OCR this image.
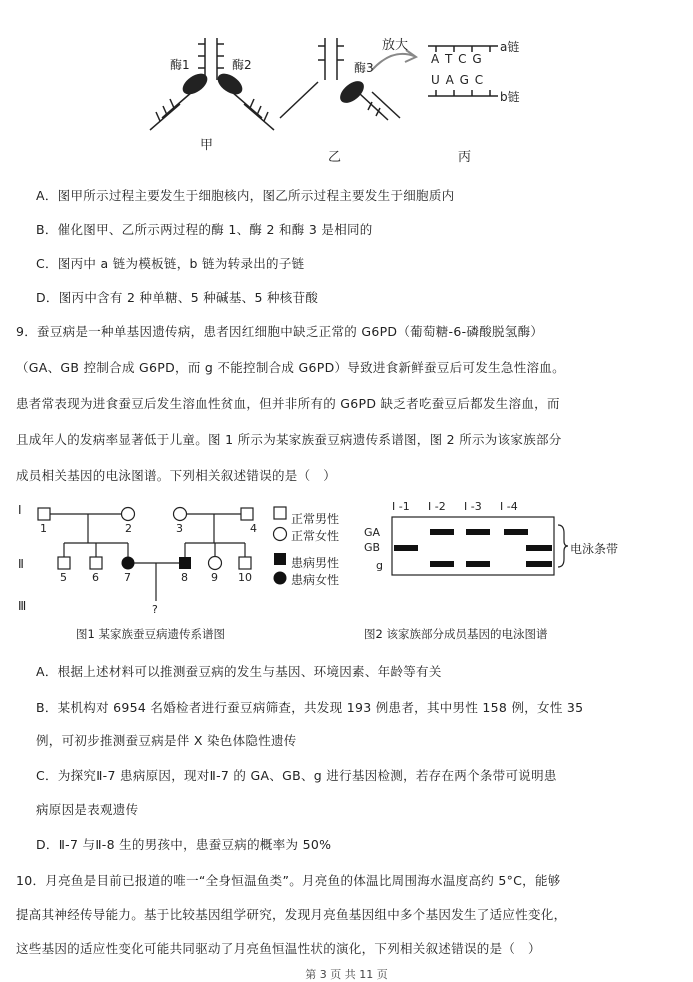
酶1	酶2	酶3
放大
A T C G
U A G C
a链
b链
甲
乙	丙
A．图甲所示过程主要发生于细胞核内，图乙所示过程主要发生于细胞质内
B．催化图甲、乙所示两过程的酶 1、酶 2 和酶 3 是相同的
C．图丙中 a 链为模板链，b 链为转录出的子链
D．图丙中含有 2 种单糖、5 种碱基、5 种核苷酸
9．蚕豆病是一种单基因遗传病，患者因红细胞中缺乏正常的 G6PD（葡萄糖-6-磷酸脱氢酶）
（GA、GB 控制合成 G6PD，而 g 不能控制合成 G6PD）导致进食新鲜蚕豆后可发生急性溶血。
患者常表现为进食蚕豆后发生溶血性贫血，但并非所有的 G6PD 缺乏者吃蚕豆后都发生溶血，而
且成年人的发病率显著低于儿童。图 1 所示为某家族蚕豆病遗传系谱图，图 2 所示为该家族部分
成员相关基因的电泳图谱。下列相关叙述错误的是（　）
I
Ⅱ
Ⅲ
1	2	3	4
5 6 7	8 9 10
?
正常男性
正常女性
患病男性
患病女性
图1 某家族蚕豆病遗传系谱图
I -1 I -2 I -3 I -4
GA
GB
g
电泳条带
图2 该家族部分成员基因的电泳图谱
A．根据上述材料可以推测蚕豆病的发生与基因、环境因素、年龄等有关
B．某机构对 6954 名婚检者进行蚕豆病筛查，共发现 193 例患者，其中男性 158 例，女性 35
例，可初步推测蚕豆病是伴 X 染色体隐性遗传
C．为探究Ⅱ-7 患病原因，现对Ⅱ-7 的 GA、GB、g 进行基因检测，若存在两个条带可说明患
病原因是表观遗传
D．Ⅱ-7 与Ⅱ-8 生的男孩中，患蚕豆病的概率为 50%
10．月亮鱼是目前已报道的唯一“全身恒温鱼类”。月亮鱼的体温比周围海水温度高约 5°C，能够
提高其神经传导能力。基于比较基因组学研究，发现月亮鱼基因组中多个基因发生了适应性变化，
这些基因的适应性变化可能共同驱动了月亮鱼恒温性状的演化，下列相关叙述错误的是（　）
第 3 页 共 11 页
